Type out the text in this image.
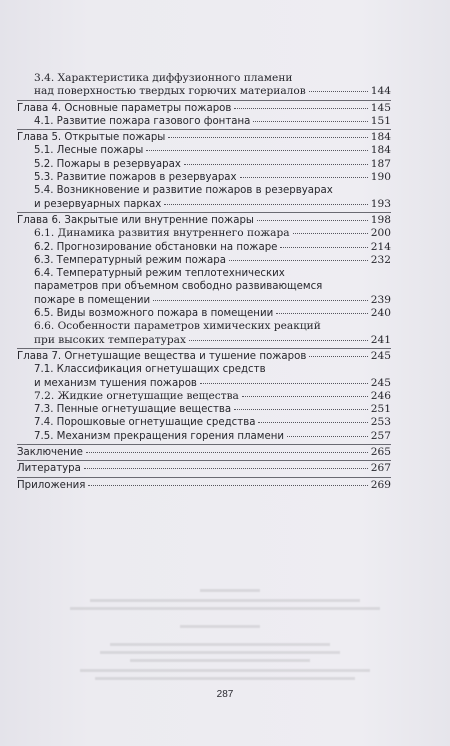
3.4. Характеристика диффузионного пламени
над поверхностью твердых горючих материалов	144
Глава 4. Основные параметры пожаров	145
4.1. Развитие пожара газового фонтана	151
Глава 5. Открытые пожары	184
5.1. Лесные пожары	184
5.2. Пожары в резервуарах	187
5.3. Развитие пожаров в резервуарах	190
5.4. Возникновение и развитие пожаров в резервуарах
и резервуарных парках	193
Глава 6. Закрытые или внутренние пожары	198
6.1. Динамика развития внутреннего пожара	200
6.2. Прогнозирование обстановки на пожаре	214
6.3. Температурный режим пожара	232
6.4. Температурный режим теплотехнических
параметров при объемном свободно развивающемся
пожаре в помещении	239
6.5. Виды возможного пожара в помещении	240
6.6. Особенности параметров химических реакций
при высоких температурах	241
Глава 7. Огнетушащие вещества и тушение пожаров	245
7.1. Классификация огнетушащих средств
и механизм тушения пожаров	245
7.2. Жидкие огнетушащие вещества	246
7.3. Пенные огнетушащие вещества	251
7.4. Порошковые огнетушащие средства	253
7.5. Механизм прекращения горения пламени	257
Заключение	265
Литература	267
Приложения	269
287
